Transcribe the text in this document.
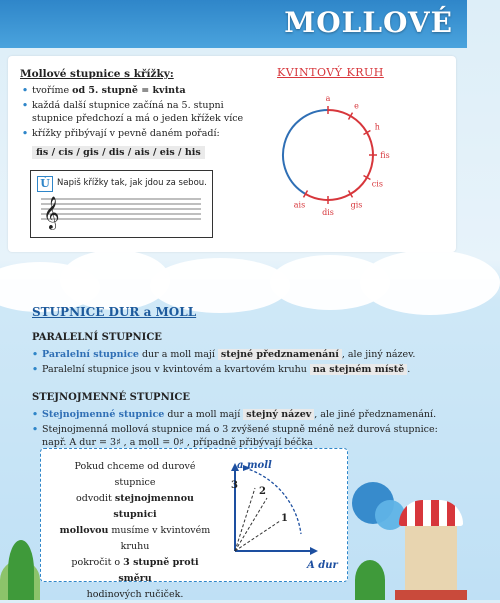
MOLLOVÉ
Mollové stupnice s křížky:
• tvoříme od 5. stupně = kvinta
• každá další stupnice začíná na 5. stupni
stupnice předchozí a má o jeden křížek více
• křížky přibývají v pevně daném pořadí:
fis / cis / gis / dis / ais / eis / his
Ú Napiš křížky tak, jak jdou za sebou.
𝄞
KVINTOVÝ KRUH
a
e
h
fis
cis
gis
dis
ais
STUPNICE DUR a MOLL
PARALELNÍ STUPNICE
• Paralelní stupnice dur a moll mají stejné předznamenání , ale jiný název.
• Paralelní stupnice jsou v kvintovém a kvartovém kruhu na stejném místě .
STEJNOJMENNÉ STUPNICE
• Stejnojmenné stupnice dur a moll mají stejný název , ale jiné předznamenání.
• Stejnojmenná mollová stupnice má o 3 zvýšené stupně méně než durová stupnice:
např. A dur = 3♯ , a moll = 0♯ , případně přibývají béčka

Pokud chceme od durové stupnice
odvodit stejnojmennou stupnici
mollovou musíme v kvintovém kruhu
pokročit o 3 stupně proti směru
hodinových ručiček.
a moll
A dur
1
2
3
